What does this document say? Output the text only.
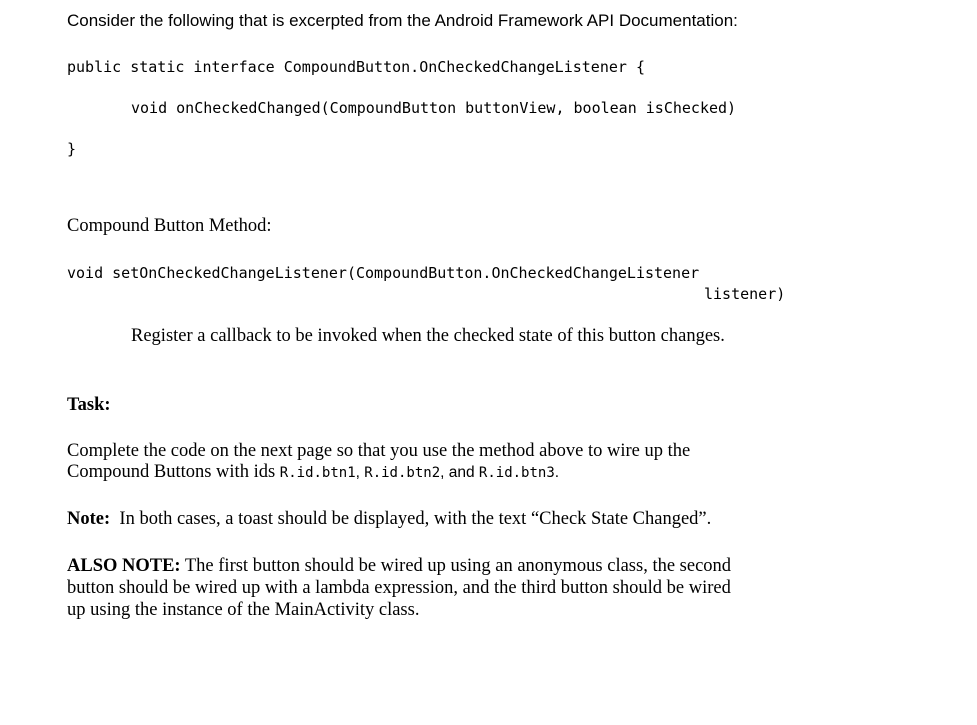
Consider the following that is excerpted from the Android Framework API Documentation:

public static interface CompoundButton.OnCheckedChangeListener {

void onCheckedChanged(CompoundButton buttonView, boolean isChecked)

}

Compound Button Method:

void setOnCheckedChangeListener(CompoundButton.OnCheckedChangeListener

listener)

Register a callback to be invoked when the checked state of this button changes.

Task:

Complete the code on the next page so that you use the method above to wire up the

Compound Buttons with ids R.id.btn1, R.id.btn2, and R.id.btn3.

Note:  In both cases, a toast should be displayed, with the text “Check State Changed”.

ALSO NOTE: The first button should be wired up using an anonymous class, the second

button should be wired up with a lambda expression, and the third button should be wired

up using the instance of the MainActivity class.
